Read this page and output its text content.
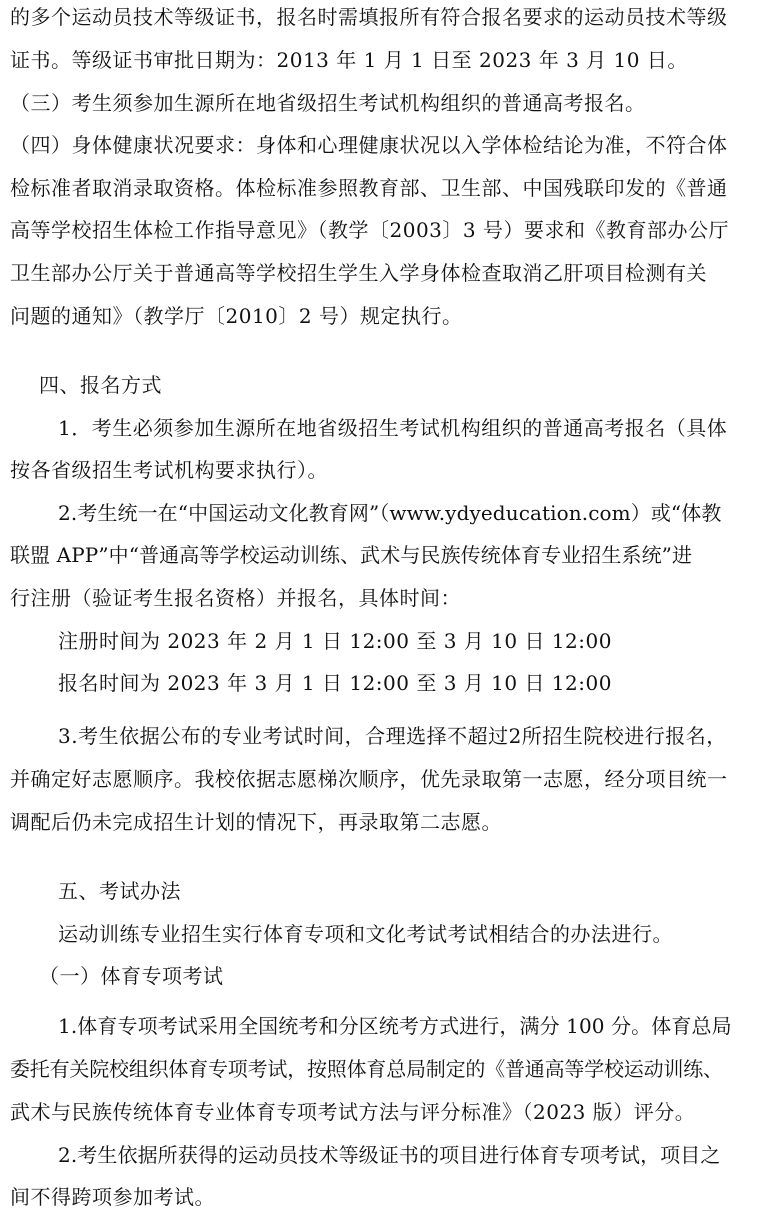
的多个运动员技术等级证书，报名时需填报所有符合报名要求的运动员技术等级

证书。等级证书审批日期为：2013 年 1 月 1 日至 2023 年 3 月 10 日。

（三）考生须参加生源所在地省级招生考试机构组织的普通高考报名。

（四）身体健康状况要求：身体和心理健康状况以入学体检结论为准，不符合体

检标准者取消录取资格。体检标准参照教育部、卫生部、中国残联印发的《普通

高等学校招生体检工作指导意见》（教学〔2003〕3 号）要求和《教育部办公厅

卫生部办公厅关于普通高等学校招生学生入学身体检查取消乙肝项目检测有关

问题的通知》（教学厅〔2010〕2 号）规定执行。

四、报名方式

1．考生必须参加生源所在地省级招生考试机构组织的普通高考报名（具体

按各省级招生考试机构要求执行）。

2.考生统一在“中国运动文化教育网”（www.ydyeducation.com）或“体教

联盟 APP”中“普通高等学校运动训练、武术与民族传统体育专业招生系统”进

行注册（验证考生报名资格）并报名，具体时间：

注册时间为 2023 年 2 月 1 日 12:00 至 3 月 10 日 12:00

报名时间为 2023 年 3 月 1 日 12:00 至 3 月 10 日 12:00

3.考生依据公布的专业考试时间，合理选择不超过2所招生院校进行报名，

并确定好志愿顺序。我校依据志愿梯次顺序，优先录取第一志愿，经分项目统一

调配后仍未完成招生计划的情况下，再录取第二志愿。

五、考试办法

运动训练专业招生实行体育专项和文化考试考试相结合的办法进行。

（一）体育专项考试

1.体育专项考试采用全国统考和分区统考方式进行，满分 100 分。体育总局

委托有关院校组织体育专项考试，按照体育总局制定的《普通高等学校运动训练、

武术与民族传统体育专业体育专项考试方法与评分标准》（2023 版）评分。

2.考生依据所获得的运动员技术等级证书的项目进行体育专项考试，项目之

间不得跨项参加考试。
